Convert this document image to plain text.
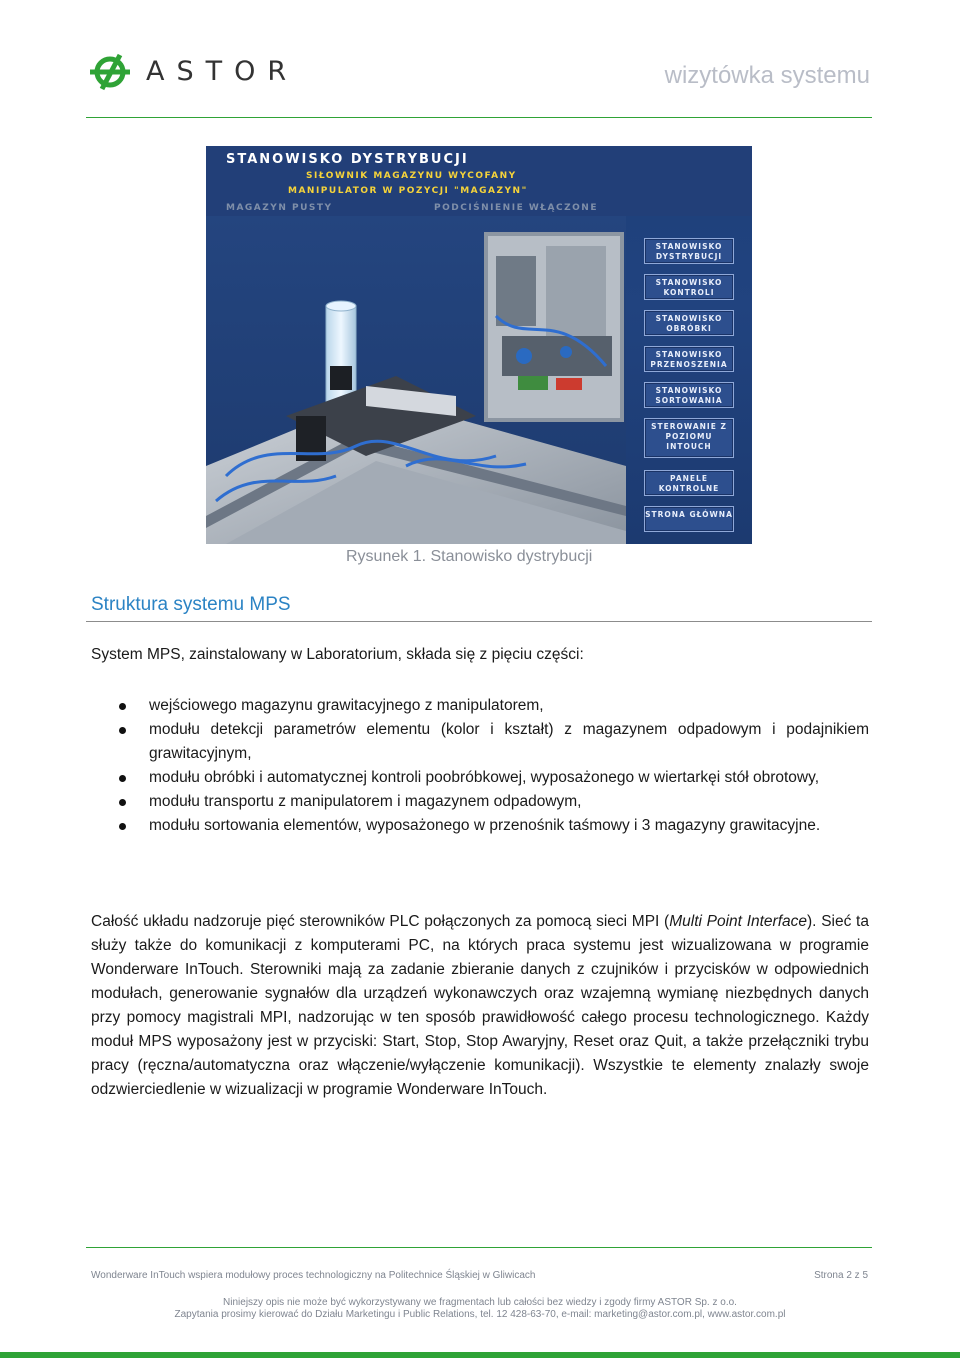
ASTOR	wizytówka systemu
STANOWISKO DYSTRYBUCJI
SIŁOWNIK MAGAZYNU WYCOFANY
MANIPULATOR W POZYCJI "MAGAZYN"
MAGAZYN PUSTY	PODCIŚNIENIE WŁĄCZONE
STANOWISKO DYSTRYBUCJI
STANOWISKO KONTROLI
STANOWISKO OBRÓBKI
STANOWISKO PRZENOSZENIA
STANOWISKO SORTOWANIA
STEROWANIE Z POZIOMU INTOUCH
PANELE KONTROLNE
STRONA GŁÓWNA
Rysunek 1. Stanowisko dystrybucji
Struktura systemu MPS
System MPS, zainstalowany w Laboratorium, składa się z pięciu części:
wejściowego magazynu grawitacyjnego z manipulatorem,
modułu detekcji parametrów elementu (kolor i kształt) z magazynem odpadowym i podajnikiem grawitacyjnym,
modułu obróbki i automatycznej kontroli poobróbkowej, wyposażonego w wiertarkęi stół obrotowy,
modułu transportu z manipulatorem i magazynem odpadowym,
modułu sortowania elementów, wyposażonego w przenośnik taśmowy i 3 magazyny grawitacyjne.
Całość układu nadzoruje pięć sterowników PLC połączonych za pomocą sieci MPI (Multi Point Interface). Sieć ta służy także do komunikacji z komputerami PC, na których praca systemu jest wizualizowana w programie Wonderware InTouch. Sterowniki mają za zadanie zbieranie danych z czujników i przycisków w odpowiednich modułach, generowanie sygnałów dla urządzeń wykonawczych oraz wzajemną wymianę niezbędnych danych przy pomocy magistrali MPI, nadzorując w ten sposób prawidłowość całego procesu technologicznego. Każdy moduł MPS wyposażony jest w przyciski: Start, Stop, Stop Awaryjny, Reset oraz Quit, a także przełączniki trybu pracy (ręczna/automatyczna oraz włączenie/wyłączenie komunikacji). Wszystkie te elementy znalazły swoje odzwierciedlenie w wizualizacji w programie Wonderware InTouch.
Wonderware InTouch wspiera modułowy proces technologiczny na Politechnice Śląskiej w Gliwicach	Strona 2 z 5
Niniejszy opis nie może być wykorzystywany we fragmentach lub całości bez wiedzy i zgody firmy ASTOR Sp. z o.o.
Zapytania prosimy kierować do Działu Marketingu i Public Relations, tel. 12 428-63-70, e-mail: marketing@astor.com.pl, www.astor.com.pl
